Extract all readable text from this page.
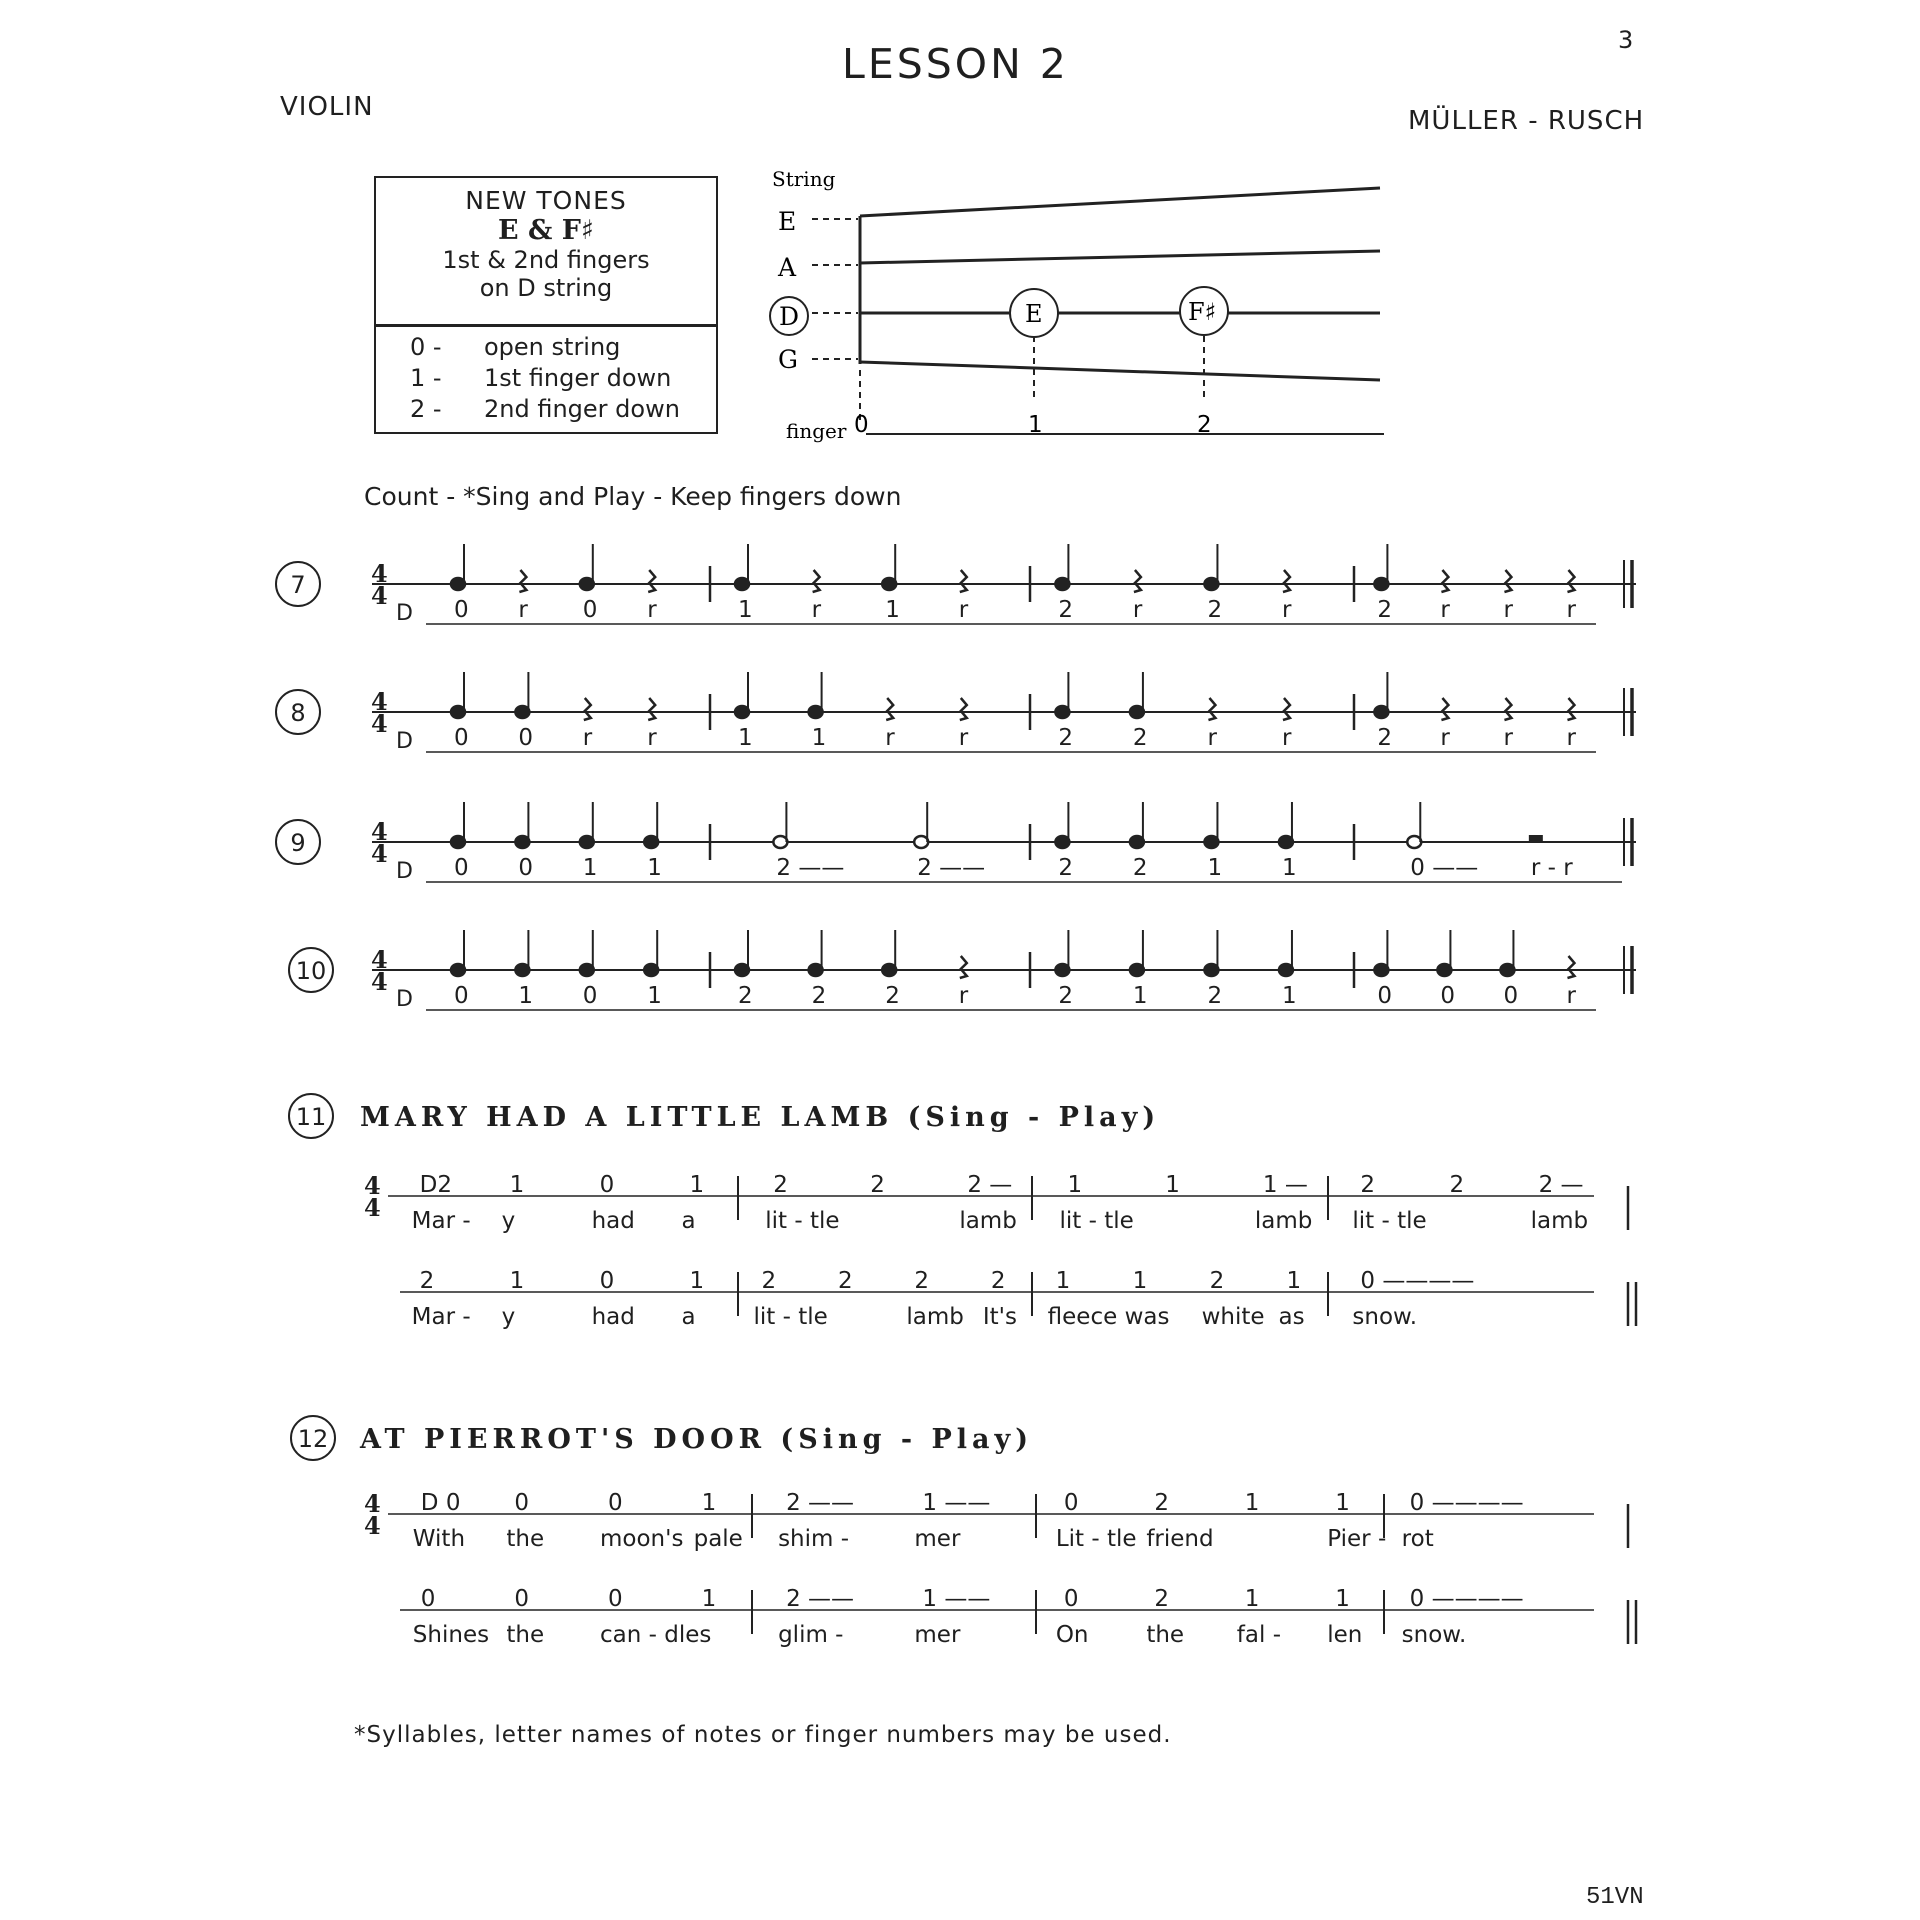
LESSON 2	3
VIOLIN	MÜLLER - RUSCH
NEW TONES
E & F♯
1st & 2nd fingers
on D string
0 - open string
1 - 1st finger down
2 - 2nd finger down
String
E
A
D
G
E	F♯
finger 0	1	2
Count - *Sing and Play - Keep fingers down
7	4
4
D 0 r 0 r	1	r	1	r	2	r	2	r	2 r r r
8	4
4
D 0 0 r r	1	1	r	r	2	2	r	r	2 r r r
9	4
4
D 0 0 1 1	2 ——	2 ——	2	2	1	1	0 —— r - r
10 4
4
D 0 1 0 1	2	2	2	r	2	1	2	1	0 0 0 r
11 MARY HAD A LITTLE LAMB (Sing - Play)
4
4
D2	1	0	1
Mar - y	had a
2	2	2 —
lit - tle	lamb
1	1	1 —
lit - tle	lamb
2	2	2 —
lit - tle	lamb
2	1	0	1
Mar - y	had a
2	2	2	2
lit - tle	lamb It's
1	1	2	1
fleece was white as
0 ————
snow.
12 AT PIERROT'S DOOR (Sing - Play)
4
4
D 0 0	0	1
With the moon's pale
2 ——	1 ——
shim -	mer
0	2	1	1
Lit - tle friend	Pier -
0 ————
rot
0	0	0	1
Shines the can - dles
2 ——	1 ——
glim -	mer
0	2	1	1
On	the fal - len
0 ————
snow.
*Syllables, letter names of notes or finger numbers may be used.
51VN
